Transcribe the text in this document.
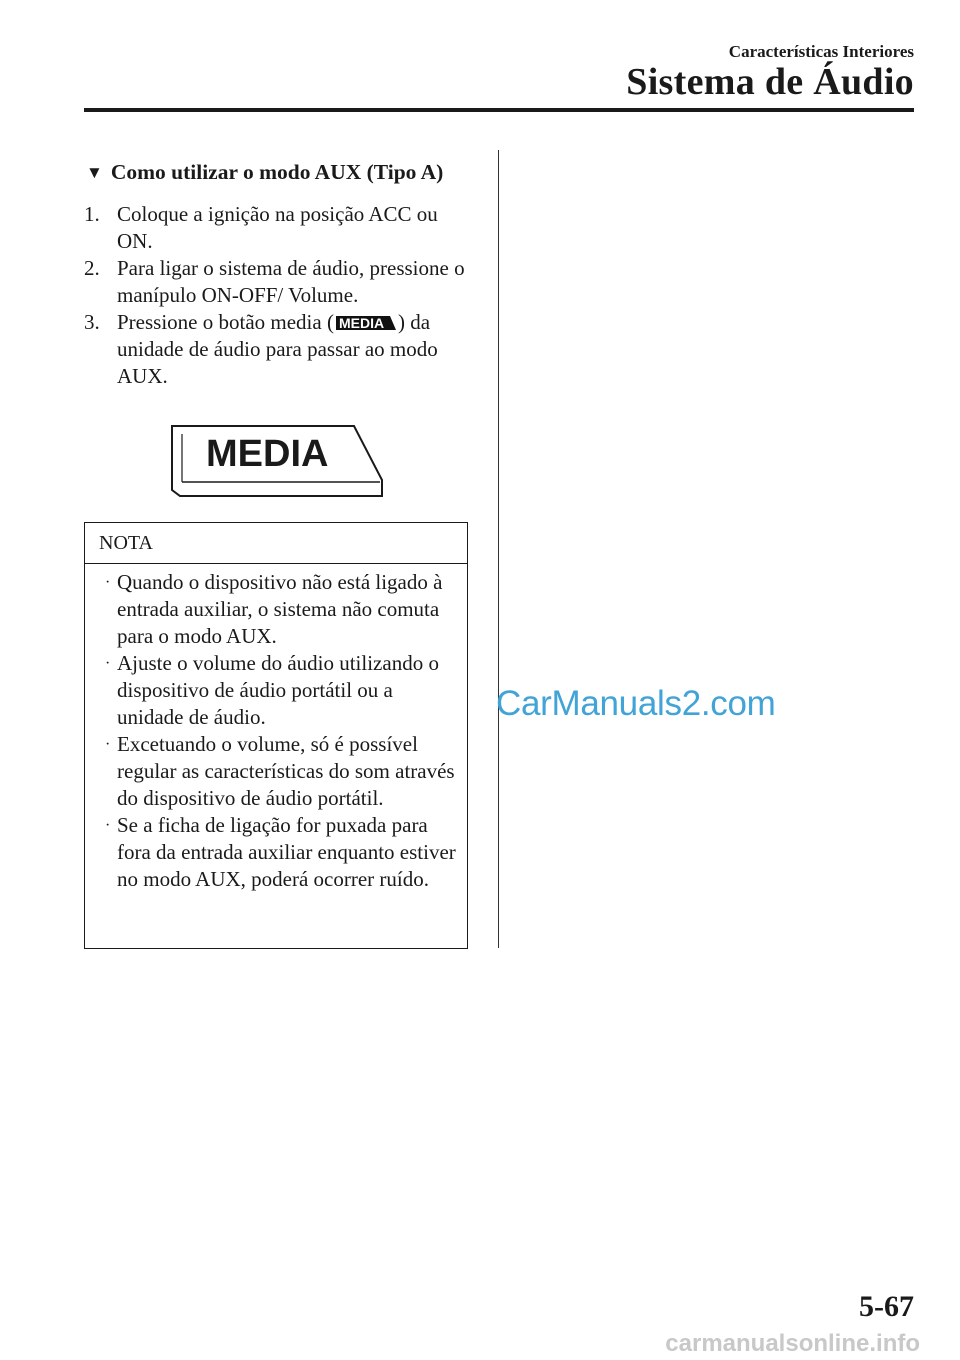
Características Interiores
Sistema de Áudio
▼ Como utilizar o modo AUX (Tipo A)
1. Coloque a ignição na posição ACC ou ON.
2. Para ligar o sistema de áudio, pressione o manípulo ON-OFF/ Volume.
3. Pressione o botão media ( MEDIA ) da unidade de áudio para passar ao modo AUX.
MEDIA
NOTA
· Quando o dispositivo não está ligado à entrada auxiliar, o sistema não comuta para o modo AUX.
· Ajuste o volume do áudio utilizando o dispositivo de áudio portátil ou a unidade de áudio.
· Excetuando o volume, só é possível regular as características do som através do dispositivo de áudio portátil.
· Se a ficha de ligação for puxada para fora da entrada auxiliar enquanto estiver no modo AUX, poderá ocorrer ruído.
CarManuals2.com
5-67
carmanualsonline.info
